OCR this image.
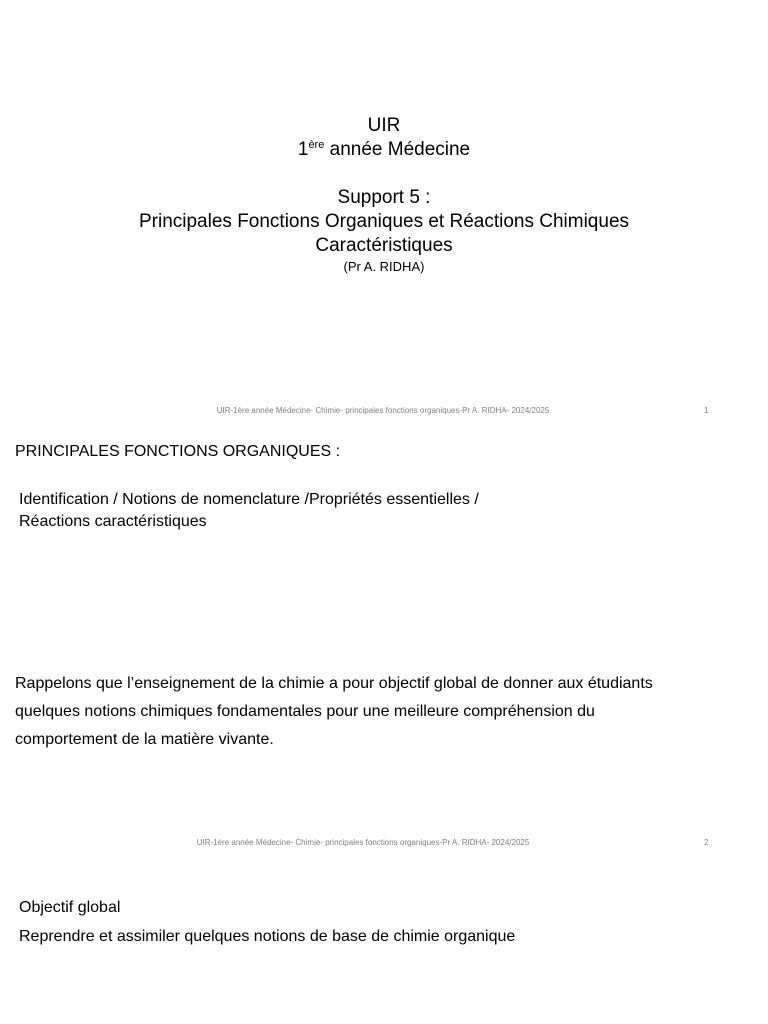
UIR
1ère année Médecine
Support 5 :
Principales Fonctions Organiques et Réactions Chimiques
Caractéristiques
(Pr A. RIDHA)
UIR-1ère année Médecine- Chimie- principales fonctions organiques-Pr A. RIDHA- 2024/2025	1
PRINCIPALES FONCTIONS ORGANIQUES :
Identification / Notions de nomenclature /Propriétés essentielles /
Réactions caractéristiques
Rappelons que l’enseignement de la chimie a pour objectif global de donner aux étudiants
quelques notions chimiques fondamentales pour une meilleure compréhension du
comportement de la matière vivante.
UIR-1ère année Médecine- Chimie- principales fonctions organiques-Pr A. RIDHA- 2024/2025	2
Objectif global
Reprendre et assimiler quelques notions de base de chimie organique
